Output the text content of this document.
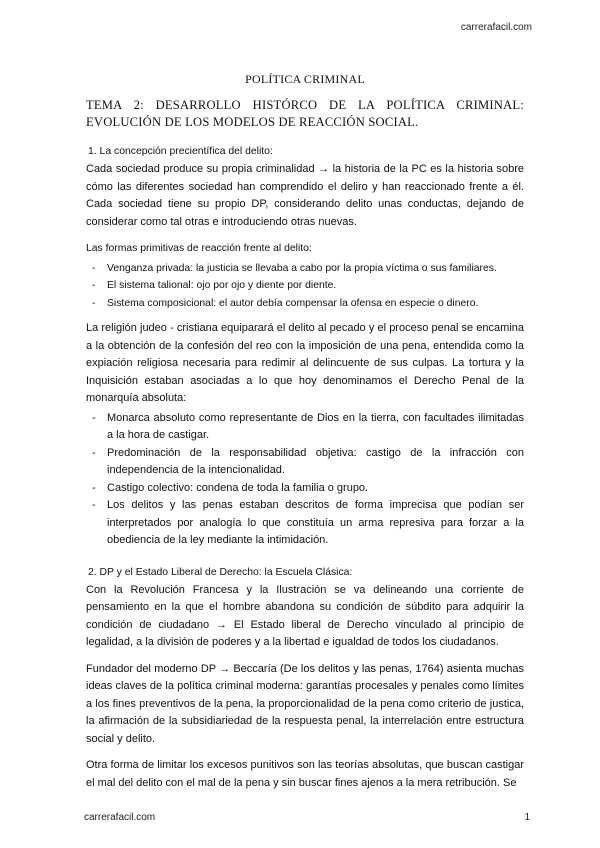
carrerafacil.com
POLÍTICA CRIMINAL
TEMA 2: DESARROLLO HISTÓRCO DE LA POLÍTICA CRIMINAL: EVOLUCIÓN DE LOS MODELOS DE REACCIÓN SOCIAL.
1. La concepción precientífica del delito:
Cada sociedad produce su propia criminalidad → la historia de la PC es la historia sobre cómo las diferentes sociedad han comprendido el deliro y han reaccionado frente a él. Cada sociedad tiene su propio DP, considerando delito unas conductas, dejando de considerar como tal otras e introduciendo otras nuevas.
Las formas primitivas de reacción frente al delito:
- Venganza privada: la justicia se llevaba a cabo por la propia víctima o sus familiares.
- El sistema talional: ojo por ojo y diente por diente.
- Sistema composicional: el autor debía compensar la ofensa en especie o dinero.
La religión judeo - cristiana equiparará el delito al pecado y el proceso penal se encamina a la obtención de la confesión del reo con la imposición de una pena, entendida como la expiación religiosa necesaria para redimir al delincuente de sus culpas. La tortura y la Inquisición estaban asociadas a lo que hoy denominamos el Derecho Penal de la monarquía absoluta:
- Monarca absoluto como representante de Dios en la tierra, con facultades ilimitadas a la hora de castigar.
- Predominación de la responsabilidad objetiva: castigo de la infracción con independencia de la intencionalidad.
- Castigo colectivo: condena de toda la familia o grupo.
- Los delitos y las penas estaban descritos de forma imprecisa que podían ser interpretados por analogía lo que constituía un arma represiva para forzar a la obediencia de la ley mediante la intimidación.
2. DP y el Estado Liberal de Derecho: la Escuela Clásica:
Con la Revolución Francesa y la Ilustración se va delineando una corriente de pensamiento en la que el hombre abandona su condición de súbdito para adquirir la condición de ciudadano → El Estado liberal de Derecho vinculado al principio de legalidad, a la división de poderes y a la libertad e igualdad de todos los ciudadanos.
Fundador del moderno DP → Beccaría (De los delitos y las penas, 1764) asienta muchas ideas claves de la política criminal moderna: garantías procesales y penales como límites a los fines preventivos de la pena, la proporcionalidad de la pena como criterio de justica, la afirmación de la subsidiariedad de la respuesta penal, la interrelación entre estructura social y delito.
Otra forma de limitar los excesos punitivos son las teorías absolutas, que buscan castigar el mal del delito con el mal de la pena y sin buscar fines ajenos a la mera retribución. Se
carrerafacil.com	1
